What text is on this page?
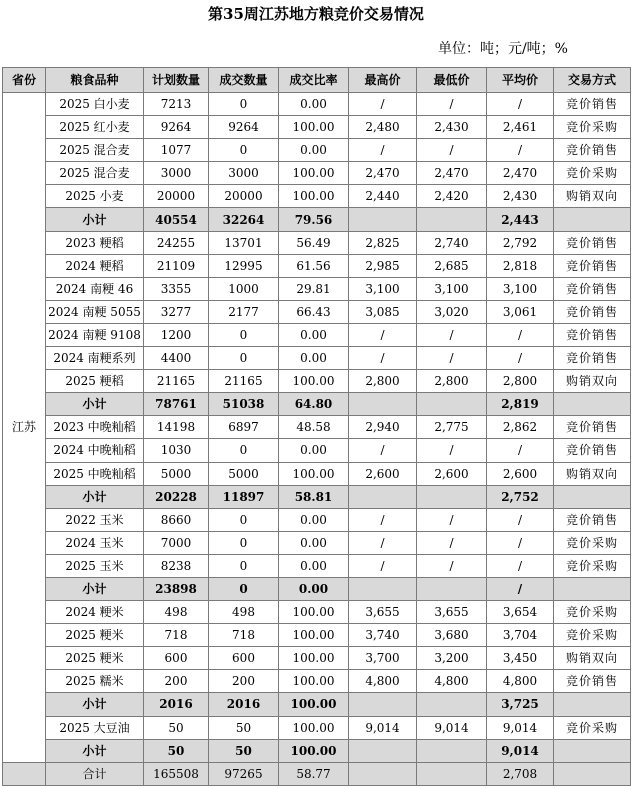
第35周江苏地方粮竞价交易情况
单位：吨；元/吨；%
省份	粮食品种	计划数量	成交数量	成交比率	最高价	最低价	平均价	交易方式
江苏	2025 白小麦	7213	0	0.00	/	/	/	竞价销售
	2025 红小麦	9264	9264	100.00	2,480	2,430	2,461	竞价采购
	2025 混合麦	1077	0	0.00	/	/	/	竞价销售
	2025 混合麦	3000	3000	100.00	2,470	2,470	2,470	竞价采购
	2025 小麦	20000	20000	100.00	2,440	2,420	2,430	购销双向
	小计	40554	32264	79.56			2,443	
	2023 粳稻	24255	13701	56.49	2,825	2,740	2,792	竞价销售
	2024 粳稻	21109	12995	61.56	2,985	2,685	2,818	竞价销售
	2024 南粳 46	3355	1000	29.81	3,100	3,100	3,100	竞价销售
	2024 南粳 5055	3277	2177	66.43	3,085	3,020	3,061	竞价销售
	2024 南粳 9108	1200	0	0.00	/	/	/	竞价销售
	2024 南粳系列	4400	0	0.00	/	/	/	竞价销售
	2025 粳稻	21165	21165	100.00	2,800	2,800	2,800	购销双向
	小计	78761	51038	64.80			2,819	
	2023 中晚籼稻	14198	6897	48.58	2,940	2,775	2,862	竞价销售
	2024 中晚籼稻	1030	0	0.00	/	/	/	竞价销售
	2025 中晚籼稻	5000	5000	100.00	2,600	2,600	2,600	购销双向
	小计	20228	11897	58.81			2,752	
	2022 玉米	8660	0	0.00	/	/	/	竞价销售
	2024 玉米	7000	0	0.00	/	/	/	竞价采购
	2025 玉米	8238	0	0.00	/	/	/	竞价采购
	小计	23898	0	0.00			/	
	2024 粳米	498	498	100.00	3,655	3,655	3,654	竞价采购
	2025 粳米	718	718	100.00	3,740	3,680	3,704	竞价采购
	2025 粳米	600	600	100.00	3,700	3,200	3,450	购销双向
	2025 糯米	200	200	100.00	4,800	4,800	4,800	竞价销售
	小计	2016	2016	100.00			3,725	
	2025 大豆油	50	50	100.00	9,014	9,014	9,014	竞价采购
	小计	50	50	100.00			9,014	
	合计	165508	97265	58.77			2,708	
